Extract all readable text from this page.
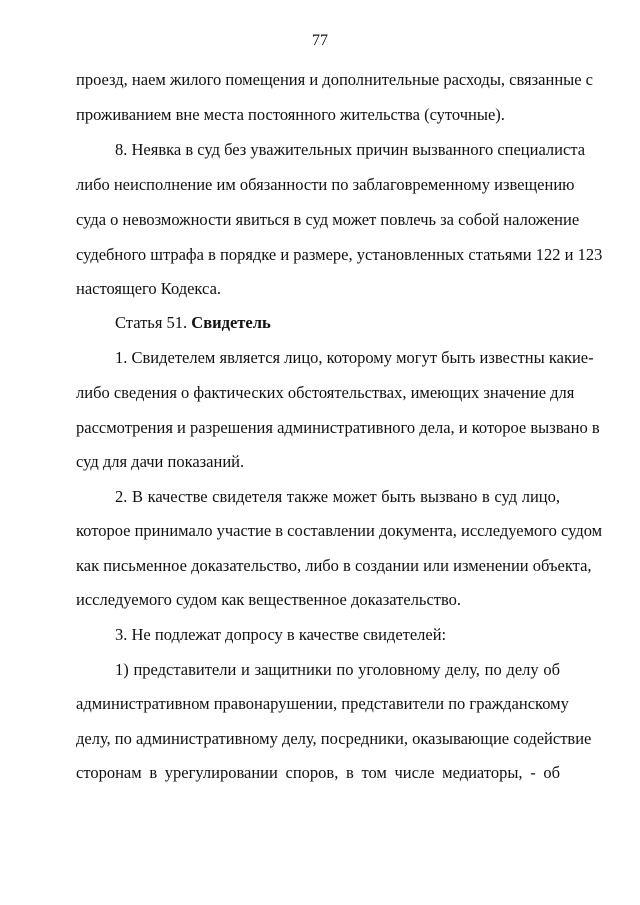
77
проезд, наем жилого помещения и дополнительные расходы, связанные с
проживанием вне места постоянного жительства (суточные).
8. Неявка в суд без уважительных причин вызванного специалиста
либо неисполнение им обязанности по заблаговременному извещению
суда о невозможности явиться в суд может повлечь за собой наложение
судебного штрафа в порядке и размере, установленных статьями 122 и 123
настоящего Кодекса.
Статья 51. Свидетель
1. Свидетелем является лицо, которому могут быть известны какие-
либо сведения о фактических обстоятельствах, имеющих значение для
рассмотрения и разрешения административного дела, и которое вызвано в
суд для дачи показаний.
2. В качестве свидетеля также может быть вызвано в суд лицо,
которое принимало участие в составлении документа, исследуемого судом
как письменное доказательство, либо в создании или изменении объекта,
исследуемого судом как вещественное доказательство.
3. Не подлежат допросу в качестве свидетелей:
1) представители и защитники по уголовному делу, по делу об
административном правонарушении, представители по гражданскому
делу, по административному делу, посредники, оказывающие содействие
сторонам в урегулировании споров, в том числе медиаторы, - об
